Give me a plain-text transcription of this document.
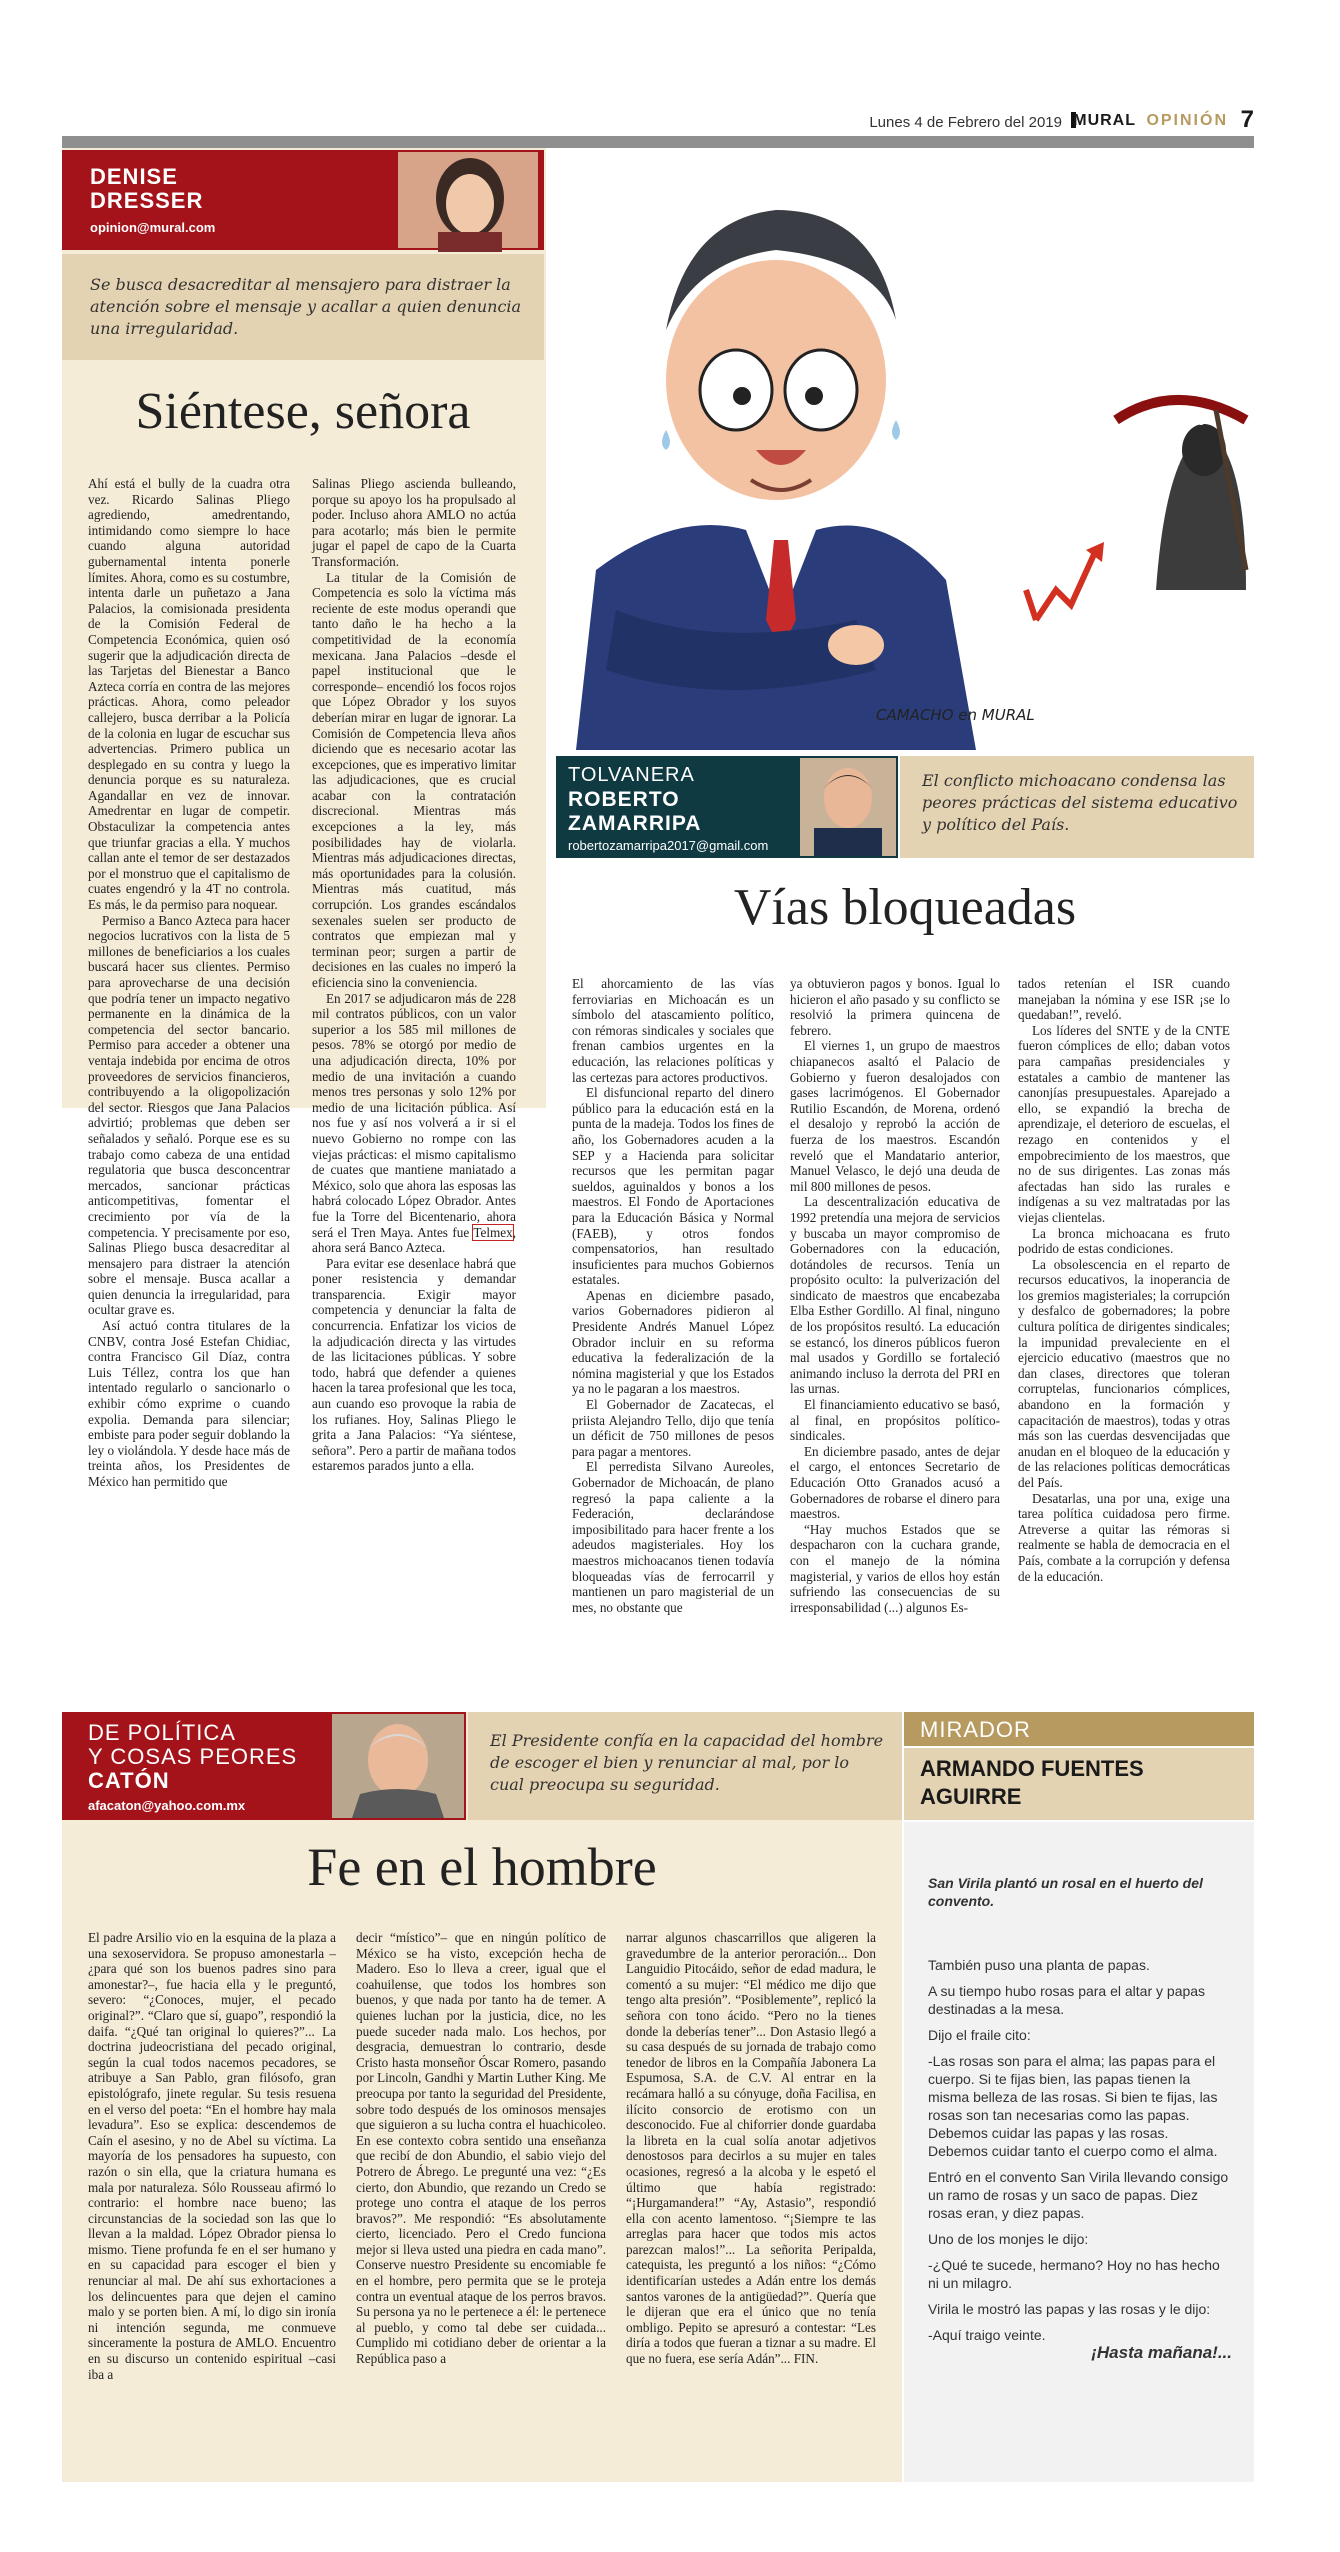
Lunes 4 de Febrero del 2019 MURAL OPINIÓN 7
DENISE
DRESSER
opinion@mural.com

Se busca desacreditar al mensajero para distraer la atención sobre el mensaje y acallar a quien denuncia una irregularidad.

Siéntese, señora

Ahí está el bully de la cuadra otra vez. Ricardo Salinas Pliego agrediendo, amedrentando, intimidando como siempre lo hace cuando alguna autoridad gubernamental intenta ponerle límites. Ahora, como es su costumbre, intenta darle un puñetazo a Jana Palacios, la comisionada presidenta de la Comisión Federal de Competencia Económica, quien osó sugerir que la adjudicación directa de las Tarjetas del Bienestar a Banco Azteca corría en contra de las mejores prácticas. Ahora, como peleador callejero, busca derribar a la Policía de la colonia en lugar de escuchar sus advertencias. Primero publica un desplegado en su contra y luego la denuncia porque es su naturaleza. Agandallar en vez de innovar. Amedrentar en lugar de competir. Obstaculizar la competencia antes que triunfar gracias a ella. Y muchos callan ante el temor de ser destazados por el monstruo que el capitalismo de cuates engendró y la 4T no controla. Es más, le da permiso para noquear.

Permiso a Banco Azteca para hacer negocios lucrativos con la lista de 5 millones de beneficiarios a los cuales buscará hacer sus clientes. Permiso para aprovecharse de una decisión que podría tener un impacto negativo permanente en la dinámica de la competencia del sector bancario. Permiso para acceder a obtener una ventaja indebida por encima de otros proveedores de servicios financieros, contribuyendo a la oligopolización del sector. Riesgos que Jana Palacios advirtió; problemas que deben ser señalados y señaló. Porque ese es su trabajo como cabeza de una entidad regulatoria que busca desconcentrar mercados, sancionar prácticas anticompetitivas, fomentar el crecimiento por vía de la competencia. Y precisamente por eso, Salinas Pliego busca desacreditar al mensajero para distraer la atención sobre el mensaje. Busca acallar a quien denuncia la irregularidad, para ocultar grave es.

Así actuó contra titulares de la CNBV, contra José Estefan Chidiac, contra Francisco Gil Díaz, contra Luis Téllez, contra los que han intentado regularlo o sancionarlo o exhibir cómo exprime o cuando expolia. Demanda para silenciar; embiste para poder seguir doblando la ley o violándola. Y desde hace más de treinta años, los Presidentes de México han permitido que

Salinas Pliego ascienda bulleando, porque su apoyo los ha propulsado al poder. Incluso ahora AMLO no actúa para acotarlo; más bien le permite jugar el papel de capo de la Cuarta Transformación.

La titular de la Comisión de Competencia es solo la víctima más reciente de este modus operandi que tanto daño le ha hecho a la competitividad de la economía mexicana. Jana Palacios –desde el papel institucional que le corresponde– encendió los focos rojos que López Obrador y los suyos deberían mirar en lugar de ignorar. La Comisión de Competencia lleva años diciendo que es necesario acotar las excepciones, que es imperativo limitar las adjudicaciones, que es crucial acabar con la contratación discrecional. Mientras más excepciones a la ley, más posibilidades hay de violarla. Mientras más adjudicaciones directas, más oportunidades para la colusión. Mientras más cuatitud, más corrupción. Los grandes escándalos sexenales suelen ser producto de contratos que empiezan mal y terminan peor; surgen a partir de decisiones en las cuales no imperó la eficiencia sino la conveniencia.

En 2017 se adjudicaron más de 228 mil contratos públicos, con un valor superior a los 585 mil millones de pesos. 78% se otorgó por medio de una adjudicación directa, 10% por medio de una invitación a cuando menos tres personas y solo 12% por medio de una licitación pública. Así nos fue y así nos volverá a ir si el nuevo Gobierno no rompe con las viejas prácticas: el mismo capitalismo de cuates que mantiene maniatado a México, solo que ahora las esposas las habrá colocado López Obrador. Antes fue la Torre del Bicentenario, ahora será el Tren Maya. Antes fue Telmex, ahora será Banco Azteca.

Para evitar ese desenlace habrá que poner resistencia y demandar transparencia. Exigir mayor competencia y denunciar la falta de concurrencia. Enfatizar los vicios de la adjudicación directa y las virtudes de las licitaciones públicas. Y sobre todo, habrá que defender a quienes hacen la tarea profesional que les toca, aun cuando eso provoque la rabia de los rufianes. Hoy, Salinas Pliego le grita a Jana Palacios: “Ya siéntese, señora”. Pero a partir de mañana todos estaremos parados junto a ella.

2019
CAMACHO en MURAL
TOLVANERA
ROBERTO
ZAMARRIPA
robertozamarripa2017@gmail.com

El conflicto michoacano condensa las peores prácticas del sistema educativo y político del País.

Vías bloqueadas

El ahorcamiento de las vías ferroviarias en Michoacán es un símbolo del atascamiento político, con rémoras sindicales y sociales que frenan cambios urgentes en la educación, las relaciones políticas y las certezas para actores productivos.

El disfuncional reparto del dinero público para la educación está en la punta de la madeja. Todos los fines de año, los Gobernadores acuden a la SEP y a Hacienda para solicitar recursos que les permitan pagar sueldos, aguinaldos y bonos a los maestros. El Fondo de Aportaciones para la Educación Básica y Normal (FAEB), y otros fondos compensatorios, han resultado insuficientes para muchos Gobiernos estatales.

Apenas en diciembre pasado, varios Gobernadores pidieron al Presidente Andrés Manuel López Obrador incluir en su reforma educativa la federalización de la nómina magisterial y que los Estados ya no le pagaran a los maestros.

El Gobernador de Zacatecas, el priista Alejandro Tello, dijo que tenía un déficit de 750 millones de pesos para pagar a mentores.

El perredista Silvano Aureoles, Gobernador de Michoacán, de plano regresó la papa caliente a la Federación, declarándose imposibilitado para hacer frente a los adeudos magisteriales. Hoy los maestros michoacanos tienen todavía bloqueadas vías de ferrocarril y mantienen un paro magisterial de un mes, no obstante que

ya obtuvieron pagos y bonos. Igual lo hicieron el año pasado y su conflicto se resolvió la primera quincena de febrero.

El viernes 1, un grupo de maestros chiapanecos asaltó el Palacio de Gobierno y fueron desalojados con gases lacrimógenos. El Gobernador Rutilio Escandón, de Morena, ordenó el desalojo y reprobó la acción de fuerza de los maestros. Escandón reveló que el Mandatario anterior, Manuel Velasco, le dejó una deuda de mil 800 millones de pesos.

La descentralización educativa de 1992 pretendía una mejora de servicios y buscaba un mayor compromiso de Gobernadores con la educación, dotándoles de recursos. Tenía un propósito oculto: la pulverización del sindicato de maestros que encabezaba Elba Esther Gordillo. Al final, ninguno de los propósitos resultó. La educación se estancó, los dineros públicos fueron mal usados y Gordillo se fortaleció animando incluso la derrota del PRI en las urnas.

El financiamiento educativo se basó, al final, en propósitos político-sindicales.

En diciembre pasado, antes de dejar el cargo, el entonces Secretario de Educación Otto Granados acusó a Gobernadores de robarse el dinero para maestros.

“Hay muchos Estados que se despacharon con la cuchara grande, con el manejo de la nómina magisterial, y varios de ellos hoy están sufriendo las consecuencias de su irresponsabilidad (...) algunos Es-

tados retenían el ISR cuando manejaban la nómina y ese ISR ¡se lo quedaban!”, reveló.

Los líderes del SNTE y de la CNTE fueron cómplices de ello; daban votos para campañas presidenciales y estatales a cambio de mantener las canonjías presupuestales. Aparejado a ello, se expandió la brecha de aprendizaje, el deterioro de escuelas, el rezago en contenidos y el empobrecimiento de los maestros, que no de sus dirigentes. Las zonas más afectadas han sido las rurales e indígenas a su vez maltratadas por las viejas clientelas.

La bronca michoacana es fruto podrido de estas condiciones.

La obsolescencia en el reparto de recursos educativos, la inoperancia de los gremios magisteriales; la corrupción y desfalco de gobernadores; la pobre cultura política de dirigentes sindicales; la impunidad prevaleciente en el ejercicio educativo (maestros que no dan clases, directores que toleran corruptelas, funcionarios cómplices, abandono en la formación y capacitación de maestros), todas y otras más son las cuerdas desvencijadas que anudan en el bloqueo de la educación y de las relaciones políticas democráticas del País.

Desatarlas, una por una, exige una tarea política cuidadosa pero firme. Atreverse a quitar las rémoras si realmente se habla de democracia en el País, combate a la corrupción y defensa de la educación.

DE POLÍTICA
Y COSAS PEORES
CATÓN
afacaton@yahoo.com.mx

El Presidente confía en la capacidad del hombre de escoger el bien y renunciar al mal, por lo cual preocupa su seguridad.

Fe en el hombre

El padre Arsilio vio en la esquina de la plaza a una sexoservidora. Se propuso amonestarla –¿para qué son los buenos padres sino para amonestar?–, fue hacia ella y le preguntó, severo: “¿Conoces, mujer, el pecado original?”. “Claro que sí, guapo”, respondió la daifa. “¿Qué tan original lo quieres?”... La doctrina judeocristiana del pecado original, según la cual todos nacemos pecadores, se atribuye a San Pablo, gran filósofo, gran epistológrafo, jinete regular. Su tesis resuena en el verso del poeta: “En el hombre hay mala levadura”. Eso se explica: descendemos de Caín el asesino, y no de Abel su víctima. La mayoría de los pensadores ha supuesto, con razón o sin ella, que la criatura humana es mala por naturaleza. Sólo Rousseau afirmó lo contrario: el hombre nace bueno; las circunstancias de la sociedad son las que lo llevan a la maldad. López Obrador piensa lo mismo. Tiene profunda fe en el ser humano y en su capacidad para escoger el bien y renunciar al mal. De ahí sus exhortaciones a los delincuentes para que dejen el camino malo y se porten bien. A mí, lo digo sin ironía ni intención segunda, me conmueve sinceramente la postura de AMLO. Encuentro en su discurso un contenido espiritual –casi iba a

decir “místico”– que en ningún político de México se ha visto, excepción hecha de Madero. Eso lo lleva a creer, igual que el coahuilense, que todos los hombres son buenos, y que nada por tanto ha de temer. A quienes luchan por la justicia, dice, no les puede suceder nada malo. Los hechos, por desgracia, demuestran lo contrario, desde Cristo hasta monseñor Óscar Romero, pasando por Lincoln, Gandhi y Martin Luther King. Me preocupa por tanto la seguridad del Presidente, sobre todo después de los ominosos mensajes que siguieron a su lucha contra el huachicoleo. En ese contexto cobra sentido una enseñanza que recibí de don Abundio, el sabio viejo del Potrero de Ábrego. Le pregunté una vez: “¿Es cierto, don Abundio, que rezando un Credo se protege uno contra el ataque de los perros bravos?”. Me respondió: “Es absolutamente cierto, licenciado. Pero el Credo funciona mejor si lleva usted una piedra en cada mano”. Conserve nuestro Presidente su encomiable fe en el hombre, pero permita que se le proteja contra un eventual ataque de los perros bravos. Su persona ya no le pertenece a él: le pertenece al pueblo, y como tal debe ser cuidada... Cumplido mi cotidiano deber de orientar a la República paso a

narrar algunos chascarrillos que aligeren la gravedumbre de la anterior peroración... Don Languidio Pitocáido, señor de edad madura, le comentó a su mujer: “El médico me dijo que tengo alta presión”. “Posiblemente”, replicó la señora con tono ácido. “Pero no la tienes donde la deberías tener”... Don Astasio llegó a su casa después de su jornada de trabajo como tenedor de libros en la Compañía Jabonera La Espumosa, S.A. de C.V. Al entrar en la recámara halló a su cónyuge, doña Facilisa, en ilícito consorcio de erotismo con un desconocido. Fue al chiforrier donde guardaba la libreta en la cual solía anotar adjetivos denostosos para decirlos a su mujer en tales ocasiones, regresó a la alcoba y le espetó el último que había registrado: “¡Hurgamandera!” “Ay, Astasio”, respondió ella con acento lamentoso. “¡Siempre te las arreglas para hacer que todos mis actos parezcan malos!”... La señorita Peripalda, catequista, les preguntó a los niños: “¿Cómo identificarían ustedes a Adán entre los demás santos varones de la antigüedad?”. Quería que le dijeran que era el único que no tenía ombligo. Pepito se apresuró a contestar: “Les diría a todos que fueran a tiznar a su madre. El que no fuera, ese sería Adán”... FIN.

MIRADOR
ARMANDO FUENTES
AGUIRRE

San Virila plantó un rosal en el huerto del convento.

También puso una planta de papas.

A su tiempo hubo rosas para el altar y papas destinadas a la mesa.

Dijo el fraile cito:

-Las rosas son para el alma; las papas para el cuerpo. Si te fijas bien, las papas tienen la misma belleza de las rosas. Si bien te fijas, las rosas son tan necesarias como las papas. Debemos cuidar las papas y las rosas. Debemos cuidar tanto el cuerpo como el alma.

Entró en el convento San Virila llevando consigo un ramo de rosas y un saco de papas. Diez rosas eran, y diez papas.

Uno de los monjes le dijo:

-¿Qué te sucede, hermano? Hoy no has hecho ni un milagro.

Virila le mostró las papas y las rosas y le dijo:

-Aquí traigo veinte.

¡Hasta mañana!...
